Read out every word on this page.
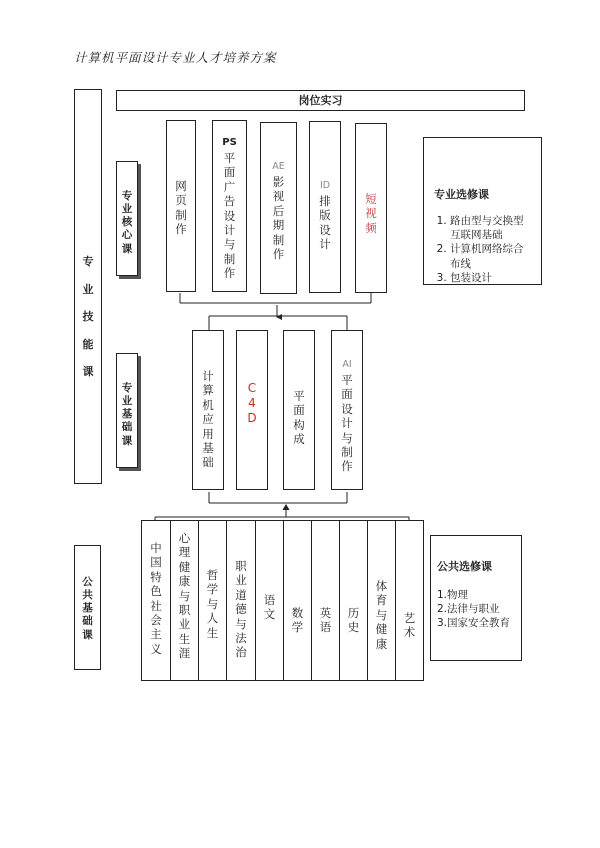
计算机平面设计专业人才培养方案
专

业

技

能

课
岗位实习
专
业
核
心
课
网
页
制
作
PS
平
面
广
告
设
计
与
制
作
AE
影
视
后
期
制
作
ID
排
版
设
计
短
视
频
专业选修课
1. 路由型与交换型互联网基础
2. 计算机网络综合布线
3. 包装设计
专
业
基
础
课
计
算
机
应
用
基
础
C
4
D
平
面
构
成
AI
平
面
设
计
与
制
作
公
共
基
础
课
中
国
特
色
社
会
主
义
心
理
健
康
与
职
业
生
涯
哲
学
与
人
生
职
业
道
德
与
法
治
语
文	数
学
英
语
历
史
体
育
与
健
康
艺
术
公共选修课
1.物理
2.法律与职业
3.国家安全教育
